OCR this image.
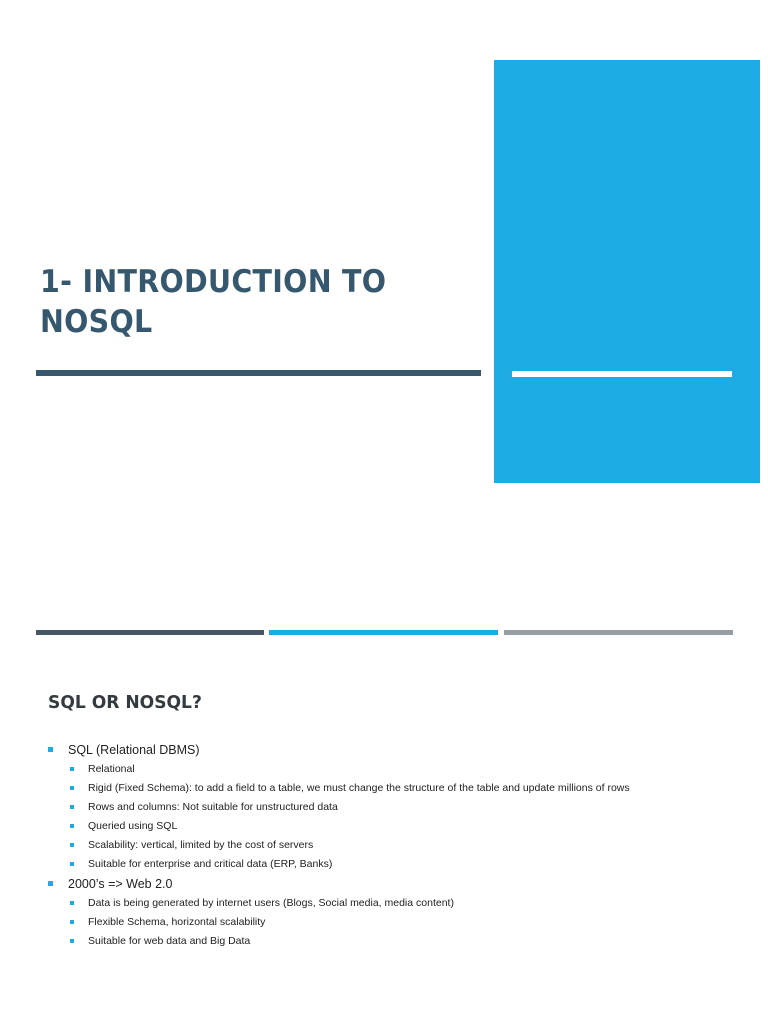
1- INTRODUCTION TO NOSQL
SQL OR NOSQL?
SQL (Relational DBMS)
Relational
Rigid (Fixed Schema): to add a field to a table, we must change the structure of the table and update millions of rows
Rows and columns: Not suitable for unstructured data
Queried using SQL
Scalability: vertical, limited by the cost of servers
Suitable for enterprise and critical data (ERP, Banks)
2000’s => Web 2.0
Data is being generated by internet users (Blogs, Social media, media content)
Flexible Schema, horizontal scalability
Suitable for web data and Big Data
